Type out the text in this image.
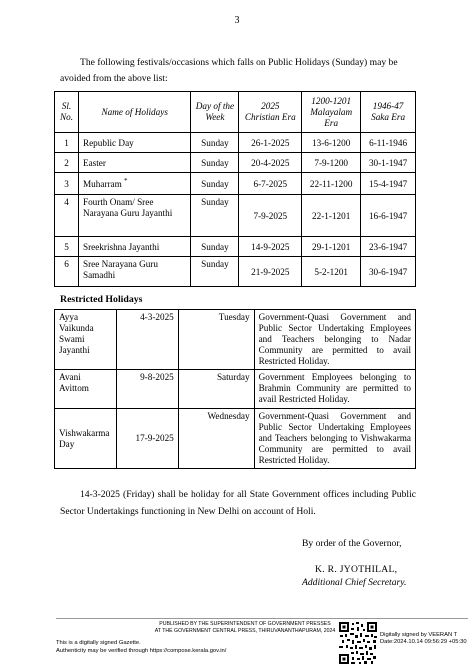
3
The following festivals/occasions which falls on Public Holidays (Sunday) may be
avoided from the above list:
Sl. No.	Name of Holidays	Day of the Week	2025 Christian Era	1200-1201 Malayalam Era	1946-47 Saka Era
1	Republic Day	Sunday	26-1-2025	13-6-1200	6-11-1946
2	Easter	Sunday	20-4-2025	7-9-1200	30-1-1947
3	Muharram *	Sunday	6-7-2025	22-11-1200	15-4-1947
4	Fourth Onam/ Sree Narayana Guru Jayanthi	Sunday	7-9-2025	22-1-1201	16-6-1947
5	Sreekrishna Jayanthi	Sunday	14-9-2025	29-1-1201	23-6-1947
6	Sree Narayana Guru Samadhi	Sunday	21-9-2025	5-2-1201	30-6-1947
Restricted Holidays
Ayya Vaikunda Swami Jayanthi	4-3-2025	Tuesday	Government-Quasi Government and Public Sector Undertaking Employees and Teachers belonging to Nadar Community are permitted to avail Restricted Holiday.
Avani Avittom	9-8-2025	Saturday	Government Employees belonging to Brahmin Community are permitted to avail Restricted Holiday.
Vishwakarma Day	17-9-2025	Wednesday	Government-Quasi Government and Public Sector Undertaking Employees and Teachers belonging to Vishwakarma Community are permitted to avail Restricted Holiday.
14-3-2025 (Friday) shall be holiday for all State Government offices including Public Sector Undertakings functioning in New Delhi on account of Holi.
By order of the Governor,
K. R. JYOTHILAL,
Additional Chief Secretary.
PUBLISHED BY THE SUPERINTENDENT OF GOVERNMENT PRESSES
AT THE GOVERNMENT CENTRAL PRESS, THIRUVANANTHAPURAM, 2024
This is a digitally signed Gazette.
Authenticity may be verified through https://compose.kerala.gov.in/
Digitally signed by VEERAN T
Date:2024.10.14 09:56:29 +05:30
